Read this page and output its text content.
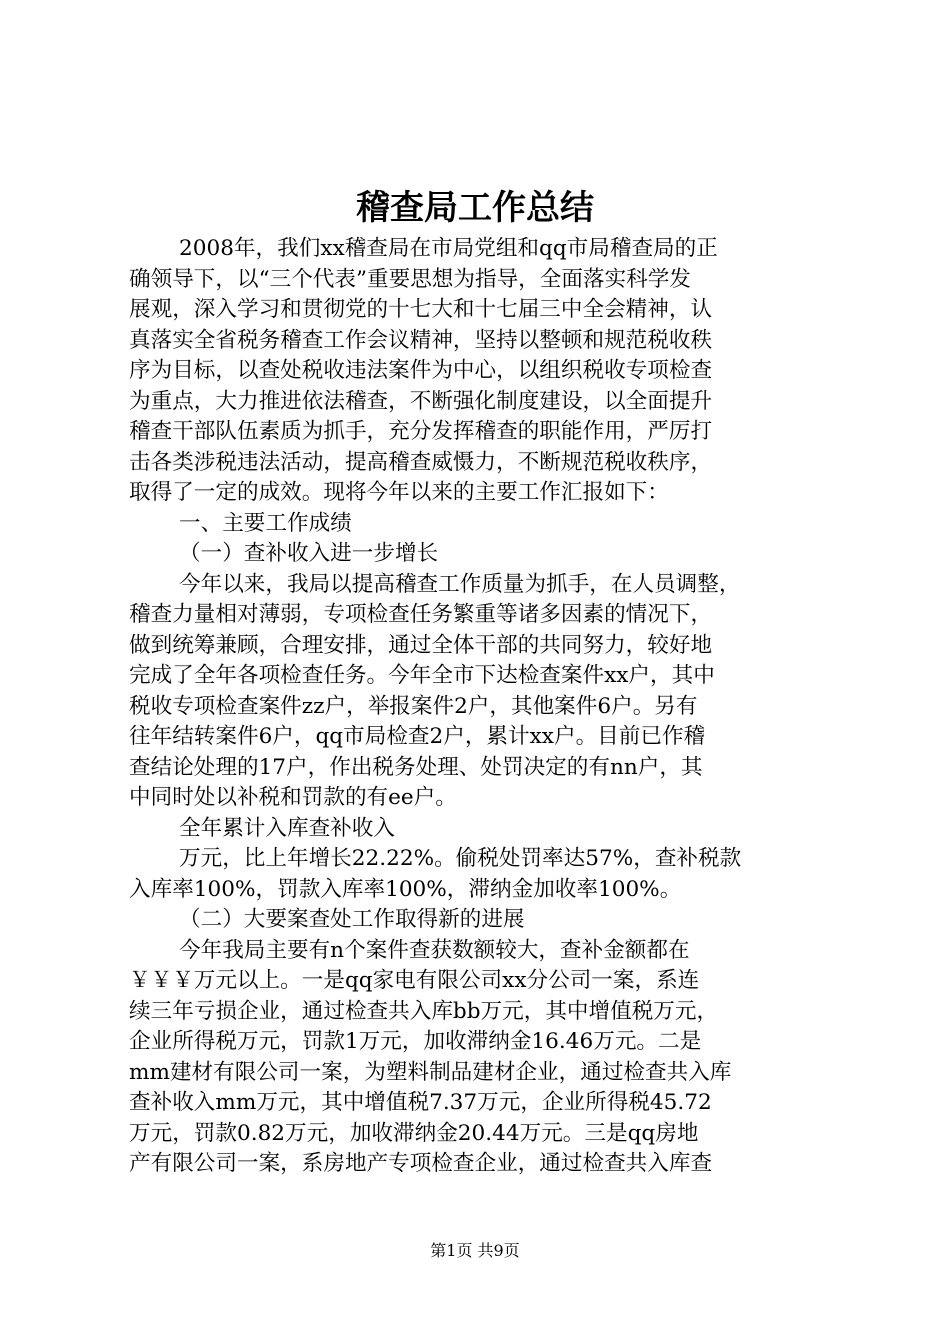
稽查局工作总结
2008年，我们xx稽查局在市局党组和qq市局稽查局的正
确领导下，以“三个代表”重要思想为指导，全面落实科学发
展观，深入学习和贯彻党的十七大和十七届三中全会精神，认
真落实全省税务稽查工作会议精神，坚持以整顿和规范税收秩
序为目标，以查处税收违法案件为中心，以组织税收专项检查
为重点，大力推进依法稽查，不断强化制度建设，以全面提升
稽查干部队伍素质为抓手，充分发挥稽查的职能作用，严厉打
击各类涉税违法活动，提高稽查威慑力，不断规范税收秩序，
取得了一定的成效。现将今年以来的主要工作汇报如下：
一、主要工作成绩
（一）查补收入进一步增长
今年以来，我局以提高稽查工作质量为抓手，在人员调整，
稽查力量相对薄弱，专项检查任务繁重等诸多因素的情况下，
做到统筹兼顾，合理安排，通过全体干部的共同努力，较好地
完成了全年各项检查任务。今年全市下达检查案件xx户，其中
税收专项检查案件zz户，举报案件2户，其他案件6户。另有
往年结转案件6户，qq市局检查2户，累计xx户。目前已作稽
查结论处理的17户，作出税务处理、处罚决定的有nn户，其
中同时处以补税和罚款的有ee户。
全年累计入库查补收入
万元，比上年增长22.22%。偷税处罚率达57%，查补税款
入库率100%，罚款入库率100%，滞纳金加收率100%。
（二）大要案查处工作取得新的进展
今年我局主要有n个案件查获数额较大，查补金额都在
￥￥￥万元以上。一是qq家电有限公司xx分公司一案，系连
续三年亏损企业，通过检查共入库bb万元，其中增值税万元，
企业所得税万元，罚款1万元，加收滞纳金16.46万元。二是
mm建材有限公司一案，为塑料制品建材企业，通过检查共入库
查补收入mm万元，其中增值税7.37万元，企业所得税45.72
万元，罚款0.82万元，加收滞纳金20.44万元。三是qq房地
产有限公司一案，系房地产专项检查企业，通过检查共入库查
第1页 共9页
